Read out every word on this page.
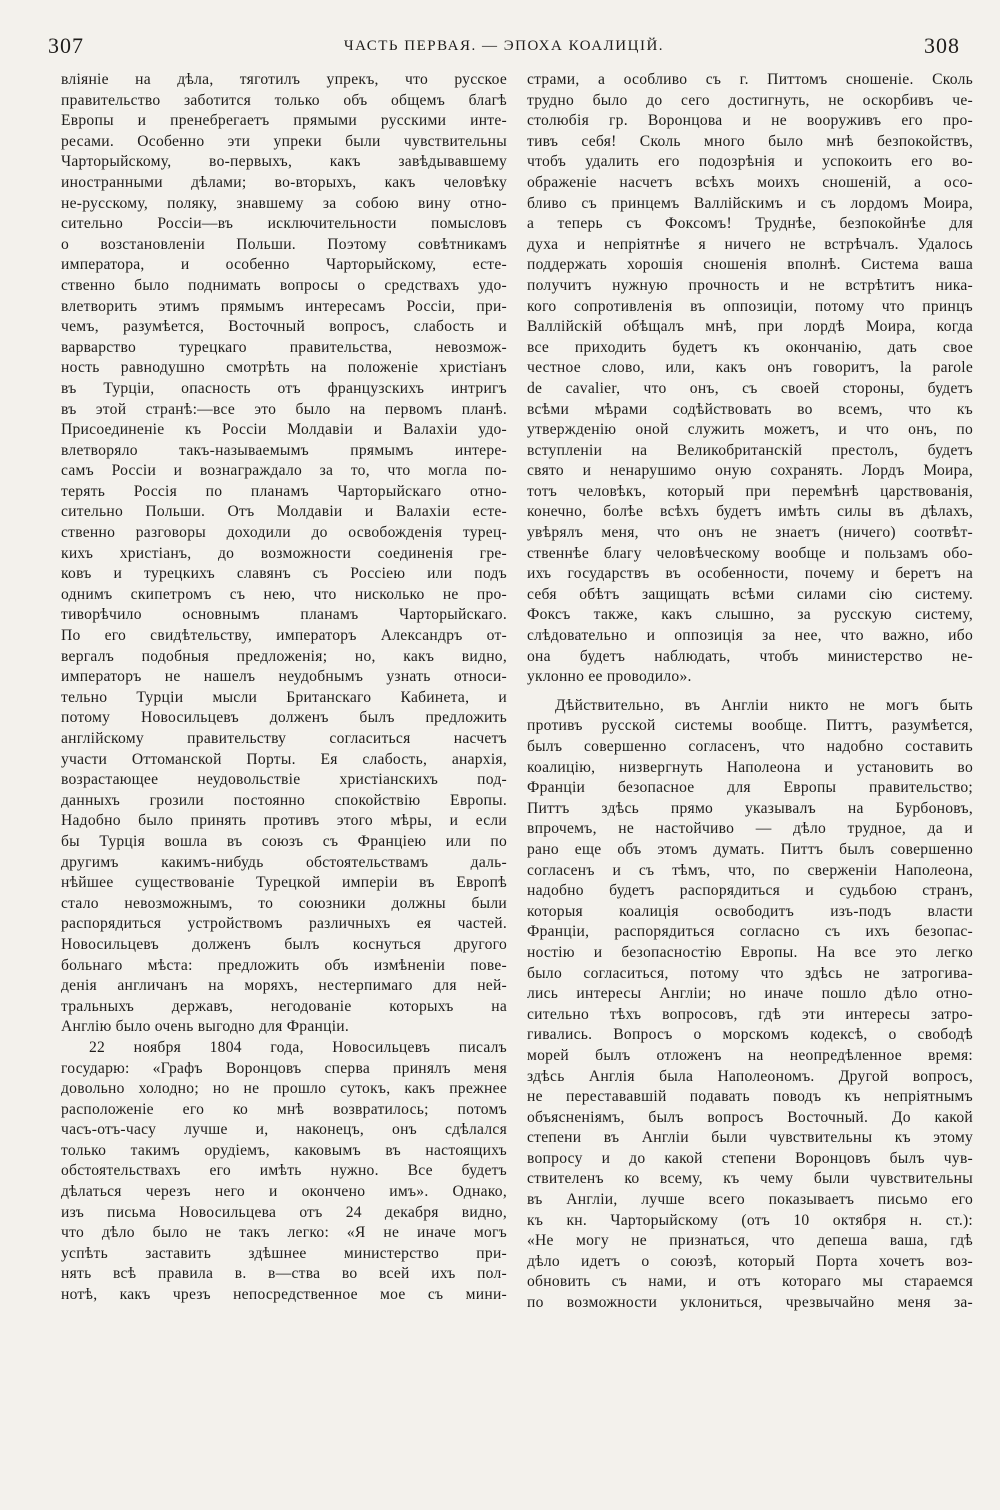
307	ЧАСТЬ ПЕРВАЯ. — ЭПОХА КОАЛИЦІЙ.	308
вліяніе на дѣла, тяготилъ упрекъ, что русское
правительство заботится только объ общемъ благѣ
Европы и пренебрегаетъ прямыми русскими инте-
ресами. Особенно эти упреки были чувствительны
Чарторыйскому, во-первыхъ, какъ завѣдывавшему
иностранными дѣлами; во-вторыхъ, какъ человѣку
не-русскому, поляку, знавшему за собою вину отно-
сительно Россіи—въ исключительности помысловъ
о возстановленіи Польши. Поэтому совѣтникамъ
императора, и особенно Чарторыйскому, есте-
ственно было поднимать вопросы о средствахъ удо-
влетворить этимъ прямымъ интересамъ Россіи, при-
чемъ, разумѣется, Восточный вопросъ, слабость и
варварство турецкаго правительства, невозмож-
ность равнодушно смотрѣть на положеніе христіанъ
въ Турціи, опасность отъ французскихъ интригъ
въ этой странѣ:—все это было на первомъ планѣ.
Присоединеніе къ Россіи Молдавіи и Валахіи удо-
влетворяло такъ-называемымъ прямымъ интере-
самъ Россіи и вознаграждало за то, что могла по-
терять Россія по планамъ Чарторыйскаго отно-
сительно Польши. Отъ Молдавіи и Валахіи есте-
ственно разговоры доходили до освобожденія турец-
кихъ христіанъ, до возможности соединенія гре-
ковъ и турецкихъ славянъ съ Россіею или подъ
однимъ скипетромъ съ нею, что нисколько не про-
тиворѣчило основнымъ планамъ Чарторыйскаго.
По его свидѣтельству, императоръ Александръ от-
вергалъ подобныя предложенія; но, какъ видно,
императоръ не нашелъ неудобнымъ узнать относи-
тельно Турціи мысли Британскаго Кабинета, и
потому Новосильцевъ долженъ былъ предложить
англійскому правительству согласиться насчетъ
участи Оттоманской Порты. Ея слабость, анархія,
возрастающее неудовольствіе христіанскихъ под-
данныхъ грозили постоянно спокойствію Европы.
Надобно было принять противъ этого мѣры, и если
бы Турція вошла въ союзъ съ Франціею или по
другимъ какимъ-нибудь обстоятельствамъ даль-
нѣйшее существованіе Турецкой имперіи въ Европѣ
стало невозможнымъ, то союзники должны были
распорядиться устройствомъ различныхъ ея частей.
Новосильцевъ долженъ былъ коснуться другого
больнаго мѣста: предложить объ измѣненіи пове-
денія англичанъ на моряхъ, нестерпимаго для ней-
тральныхъ державъ, негодованіе которыхъ на
Англію было очень выгодно для Франціи.
22 ноября 1804 года, Новосильцевъ писалъ
государю: «Графъ Воронцовъ сперва принялъ меня
довольно холодно; но не прошло сутокъ, какъ прежнее
расположеніе его ко мнѣ возвратилось; потомъ
часъ-отъ-часу лучше и, наконецъ, онъ сдѣлался
только такимъ орудіемъ, каковымъ въ настоящихъ
обстоятельствахъ его имѣть нужно. Все будетъ
дѣлаться черезъ него и окончено имъ». Однако,
изъ письма Новосильцева отъ 24 декабря видно,
что дѣло было не такъ легко: «Я не иначе могъ
успѣть заставить здѣшнее министерство при-
нять всѣ правила в. в—ства во всей ихъ пол-
нотѣ, какъ чрезъ непосредственное мое съ мини-
страми, а особливо съ г. Питтомъ сношеніе. Сколь
трудно было до сего достигнуть, не оскорбивъ че-
столюбія гр. Воронцова и не вооруживъ его про-
тивъ себя! Сколь много было мнѣ безпокойствъ,
чтобъ удалить его подозрѣнія и успокоить его во-
ображеніе насчетъ всѣхъ моихъ сношеній, а осо-
бливо съ принцемъ Валлійскимъ и съ лордомъ Моира,
а теперь съ Фоксомъ! Труднѣе, безпокойнѣе для
духа и непріятнѣе я ничего не встрѣчалъ. Удалось
поддержать хорошія сношенія вполнѣ. Система ваша
получитъ нужную прочность и не встрѣтитъ ника-
кого сопротивленія въ оппозиціи, потому что принцъ
Валлійскій обѣщалъ мнѣ, при лордѣ Моира, когда
все приходить будетъ къ окончанію, дать свое
честное слово, или, какъ онъ говоритъ, la parole
de cavalier, что онъ, съ своей стороны, будетъ
всѣми мѣрами содѣйствовать во всемъ, что къ
утвержденію оной служить можетъ, и что онъ, по
вступленіи на Великобританскій престолъ, будетъ
свято и ненарушимо оную сохранять. Лордъ Моира,
тотъ человѣкъ, который при перемѣнѣ царствованія,
конечно, болѣе всѣхъ будетъ имѣть силы въ дѣлахъ,
увѣрялъ меня, что онъ не знаетъ (ничего) соотвѣт-
ственнѣе благу человѣческому вообще и пользамъ обо-
ихъ государствъ въ особенности, почему и беретъ на
себя обѣтъ защищать всѣми силами сію систему.
Фоксъ также, какъ слышно, за русскую систему,
слѣдовательно и оппозиція за нее, что важно, ибо
она будетъ наблюдать, чтобъ министерство не-
уклонно ее проводило».
Дѣйствительно, въ Англіи никто не могъ быть
противъ русской системы вообще. Питтъ, разумѣется,
былъ совершенно согласенъ, что надобно составить
коалицію, низвергнуть Наполеона и установить во
Франціи безопасное для Европы правительство;
Питтъ здѣсь прямо указывалъ на Бурбоновъ,
впрочемъ, не настойчиво — дѣло трудное, да и
рано еще объ этомъ думать. Питтъ былъ совершенно
согласенъ и съ тѣмъ, что, по сверженіи Наполеона,
надобно будетъ распорядиться и судьбою странъ,
которыя коалиція освободитъ изъ-подъ власти
Франціи, распорядиться согласно съ ихъ безопас-
ностію и безопасностію Европы. На все это легко
было согласиться, потому что здѣсь не затрогива-
лись интересы Англіи; но иначе пошло дѣло отно-
сительно тѣхъ вопросовъ, гдѣ эти интересы затро-
гивались. Вопросъ о морскомъ кодексѣ, о свободѣ
морей былъ отложенъ на неопредѣленное время:
здѣсь Англія была Наполеономъ. Другой вопросъ,
не перестававшій подавать поводъ къ непріятнымъ
объясненіямъ, былъ вопросъ Восточный. До какой
степени въ Англіи были чувствительны къ этому
вопросу и до какой степени Воронцовъ былъ чув-
ствителенъ ко всему, къ чему были чувствительны
въ Англіи, лучше всего показываетъ письмо его
къ кн. Чарторыйскому (отъ 10 октября н. ст.):
«Не могу не признаться, что депеша ваша, гдѣ
дѣло идетъ о союзѣ, который Порта хочетъ воз-
обновить съ нами, и отъ котораго мы стараемся
по возможности уклониться, чрезвычайно меня за-
